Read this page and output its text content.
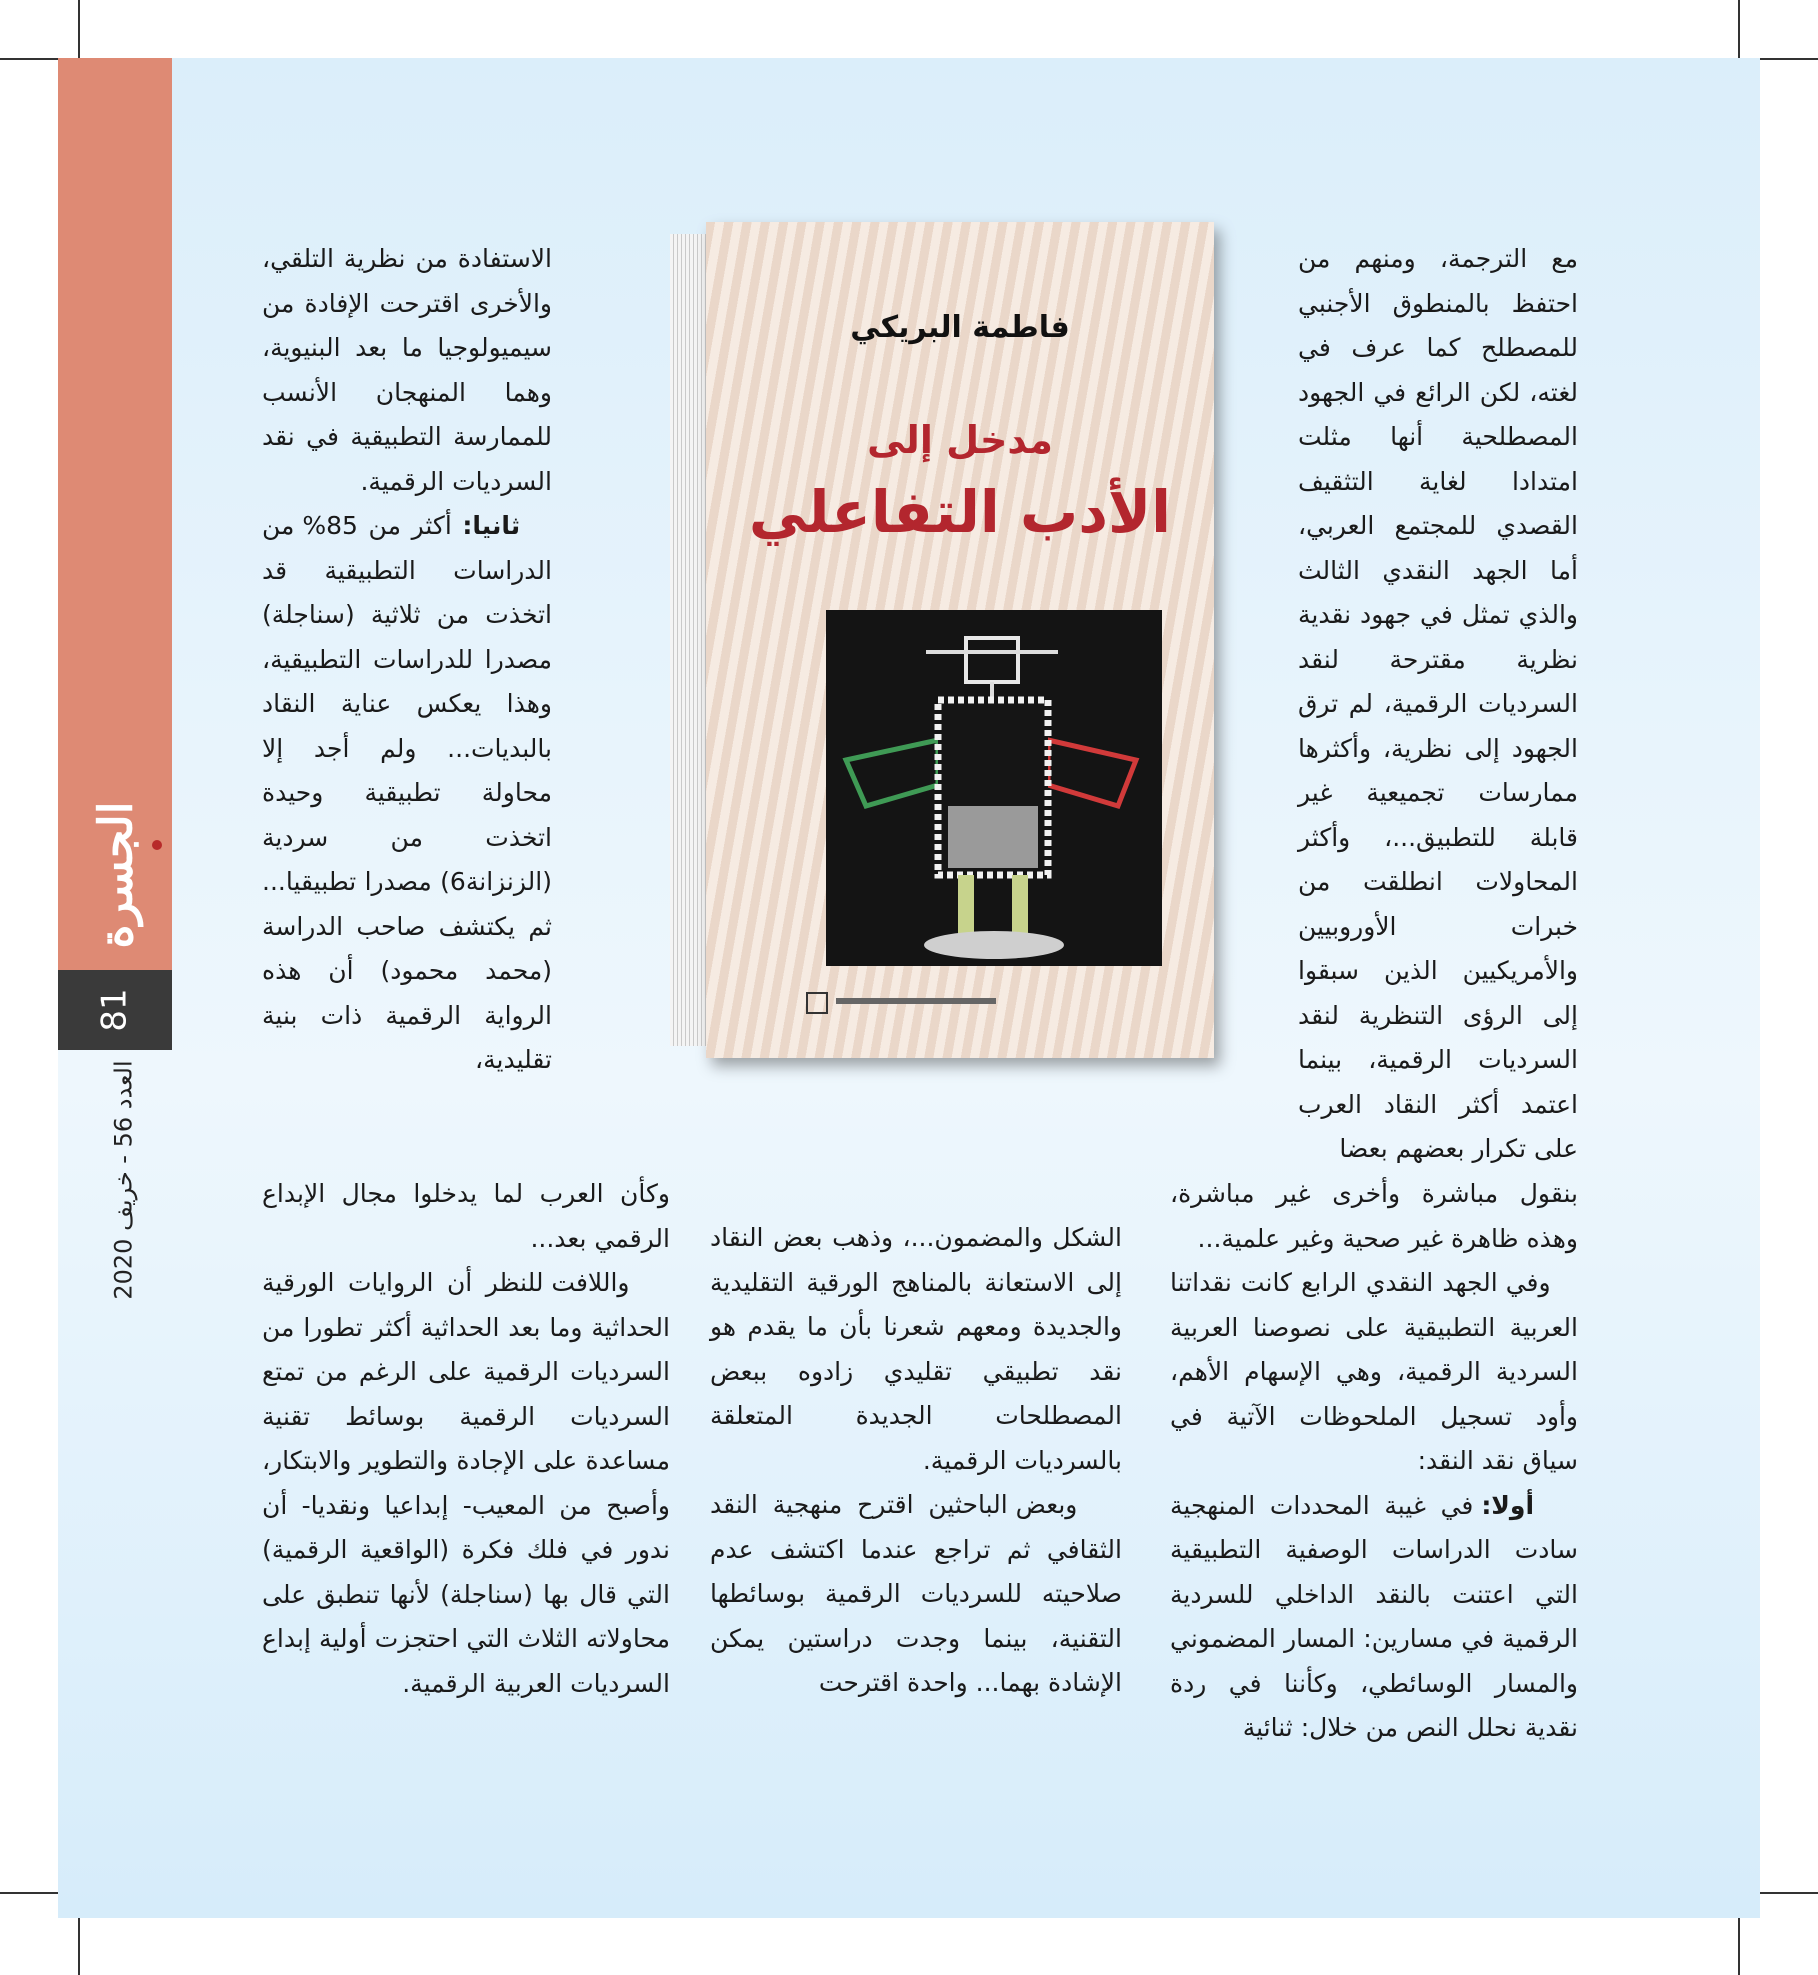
الجسرة
81
العدد 56 - خريف 2020
فاطمة البريكي
مدخل إلى
الأدب التفاعلي

مع الترجمة، ومنهم من احتفظ بالمنطوق الأجنبي للمصطلح كما عرف في لغته، لكن الرائع في الجهود المصطلحية أنها مثلت امتدادا لغاية التثقيف القصدي للمجتمع العربي، أما الجهد النقدي الثالث والذي تمثل في جهود نقدية نظرية مقترحة لنقد السرديات الرقمية، لم ترق الجهود إلى نظرية، وأكثرها ممارسات تجميعية غير قابلة للتطبيق...، وأكثر المحاولات انطلقت من خبرات الأوروبيين والأمريكيين الذين سبقوا إلى الرؤى التنظرية لنقد السرديات الرقمية، بينما اعتمد أكثر النقاد العرب على تكرار بعضهم بعضا

بنقول مباشرة وأخرى غير مباشرة، وهذه ظاهرة غير صحية وغير علمية...

وفي الجهد النقدي الرابع كانت نقداتنا العربية التطبيقية على نصوصنا العربية السردية الرقمية، وهي الإسهام الأهم، وأود تسجيل الملحوظات الآتية في سياق نقد النقد:

أولا: في غيبة المحددات المنهجية سادت الدراسات الوصفية التطبيقية التي اعتنت بالنقد الداخلي للسردية الرقمية في مسارين: المسار المضموني والمسار الوسائطي، وكأننا في ردة نقدية نحلل النص من خلال: ثنائية

الشكل والمضمون...، وذهب بعض النقاد إلى الاستعانة بالمناهج الورقية التقليدية والجديدة ومعهم شعرنا بأن ما يقدم هو نقد تطبيقي تقليدي زادوه ببعض المصطلحات الجديدة المتعلقة بالسرديات الرقمية.

وبعض الباحثين اقترح منهجية النقد الثقافي ثم تراجع عندما اكتشف عدم صلاحيته للسرديات الرقمية بوسائطها التقنية، بينما وجدت دراستين يمكن الإشادة بهما... واحدة اقترحت

الاستفادة من نظرية التلقي، والأخرى اقترحت الإفادة من سيميولوجيا ما بعد البنيوية، وهما المنهجان الأنسب للممارسة التطبيقية في نقد السرديات الرقمية.

ثانيا: أكثر من 85% من الدراسات التطبيقية قد اتخذت من ثلاثية (سناجلة) مصدرا للدراسات التطبيقية، وهذا يعكس عناية النقاد بالبديات... ولم أجد إلا محاولة تطبيقية وحيدة اتخذت من سردية (الزنزانة6) مصدرا تطبيقيا... ثم يكتشف صاحب الدراسة (محمد محمود) أن هذه الرواية الرقمية ذات بنية تقليدية،

وكأن العرب لما يدخلوا مجال الإبداع الرقمي بعد...

واللافت للنظر أن الروايات الورقية الحداثية وما بعد الحداثية أكثر تطورا من السرديات الرقمية على الرغم من تمتع السرديات الرقمية بوسائط تقنية مساعدة على الإجادة والتطوير والابتكار، وأصبح من المعيب- إبداعيا ونقديا- أن ندور في فلك فكرة (الواقعية الرقمية) التي قال بها (سناجلة) لأنها تنطبق على محاولاته الثلاث التي احتجزت أولية إبداع السرديات العربية الرقمية.
